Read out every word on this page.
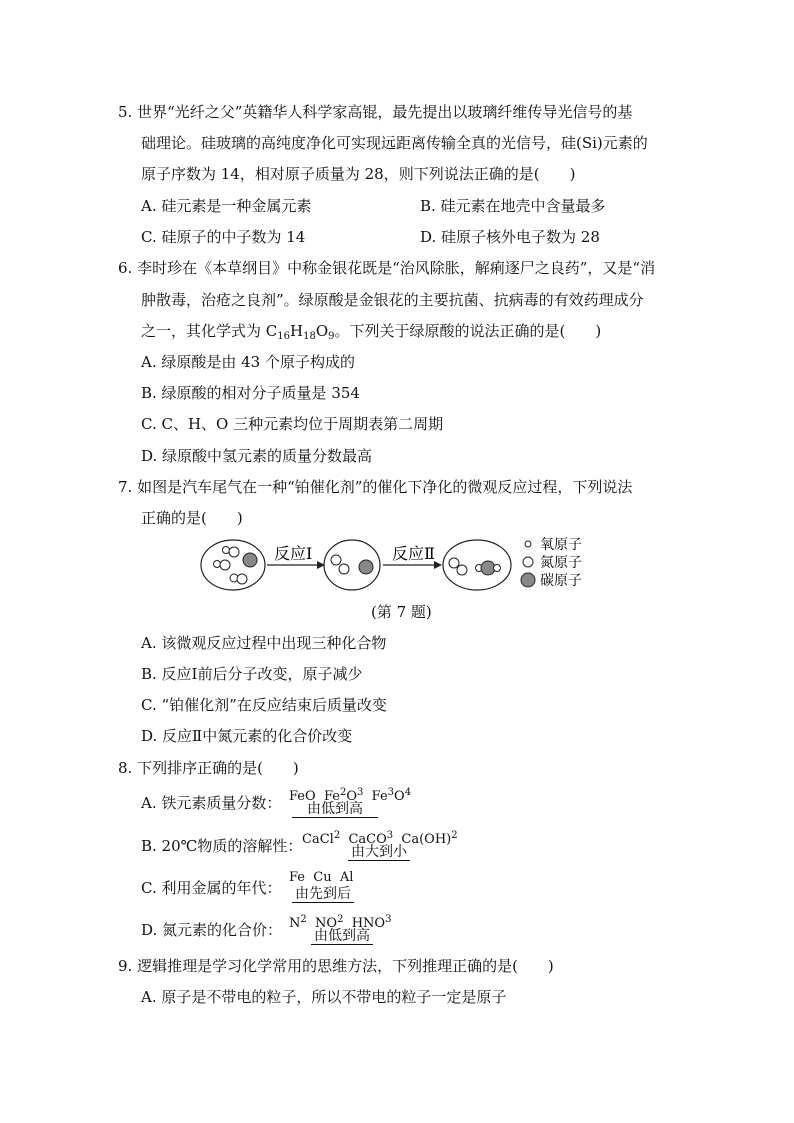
5. 世界“光纤之父”英籍华人科学家高锟，最先提出以玻璃纤维传导光信号的基
础理论。硅玻璃的高纯度净化可实现远距离传输全真的光信号，硅(Si)元素的
原子序数为 14，相对原子质量为 28，则下列说法正确的是(　　)
A. 硅元素是一种金属元素	B. 硅元素在地壳中含量最多
C. 硅原子的中子数为 14	D. 硅原子核外电子数为 28
6. 李时珍在《本草纲目》中称金银花既是“治风除胀，解痢逐尸之良药”，又是“消
肿散毒，治疮之良剂”。绿原酸是金银花的主要抗菌、抗病毒的有效药理成分
之一，其化学式为 $C_{16}H_{18}O_9$。下列关于绿原酸的说法正确的是(　　)
A. 绿原酸是由 43 个原子构成的
B. 绿原酸的相对分子质量是 354
C. C、H、O 三种元素均位于周期表第二周期
D. 绿原酸中氢元素的质量分数最高
7. 如图是汽车尾气在一种“铂催化剂”的催化下净化的微观反应过程，下列说法
正确的是(　　)
反应Ⅰ	反应Ⅱ	氧原子
氮原子
碳原子
(第 7 题)
A. 该微观反应过程中出现三种化合物
B. 反应Ⅰ前后分子改变，原子减少
C. “铂催化剂”在反应结束后质量改变
D. 反应Ⅱ中氮元素的化合价改变
8. 下列排序正确的是(　　)
A. 铁元素质量分数： FeO $Fe^2O^3$ $Fe^3O^4$
由低到高
B. 20℃物质的溶解性： CaCl$^2$ CaCO$^3$ Ca(OH)$^2$
由大到小
C. 利用金属的年代：
Fe  Cu  Al
由先到后
D. 氮元素的化合价： $N^2$ $NO^2$ HNO$^3$
由低到高
9. 逻辑推理是学习化学常用的思维方法，下列推理正确的是(　　)
A. 原子是不带电的粒子，所以不带电的粒子一定是原子
